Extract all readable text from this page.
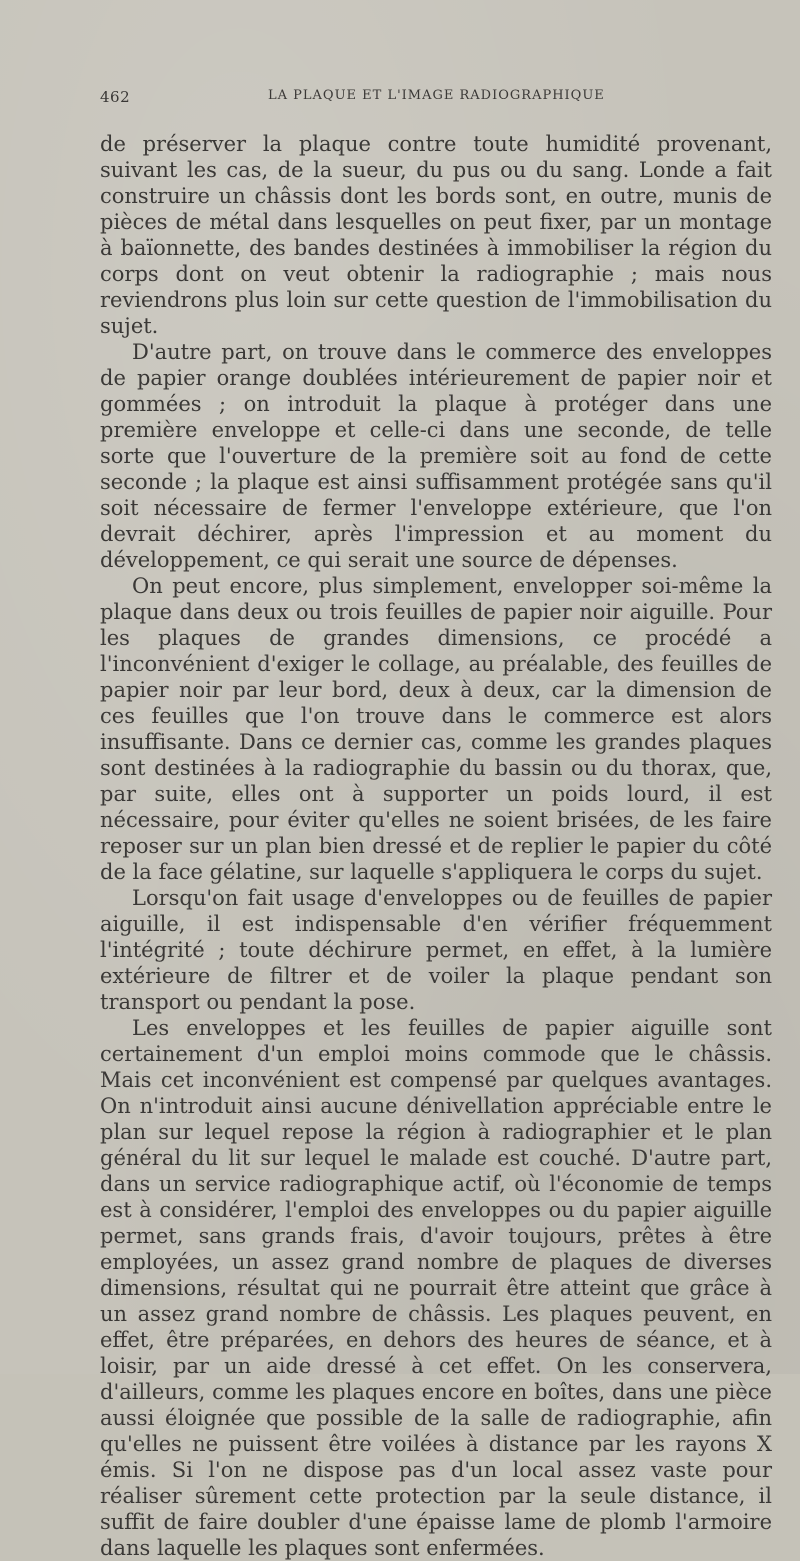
462	LA PLAQUE ET L'IMAGE RADIOGRAPHIQUE

de préserver la plaque contre toute humidité provenant, suivant les cas, de la sueur, du pus ou du sang. Londe a fait construire un châssis dont les bords sont, en outre, munis de pièces de métal dans lesquelles on peut fixer, par un montage à baïonnette, des bandes destinées à immobiliser la région du corps dont on veut obtenir la radiographie ; mais nous reviendrons plus loin sur cette question de l'immobilisation du sujet.

D'autre part, on trouve dans le commerce des enveloppes de papier orange doublées intérieurement de papier noir et gommées ; on introduit la plaque à protéger dans une première enveloppe et celle-ci dans une seconde, de telle sorte que l'ouverture de la première soit au fond de cette seconde ; la plaque est ainsi suffisamment protégée sans qu'il soit nécessaire de fermer l'enveloppe extérieure, que l'on devrait déchirer, après l'impression et au moment du développement, ce qui serait une source de dépenses.

On peut encore, plus simplement, envelopper soi-même la plaque dans deux ou trois feuilles de papier noir aiguille. Pour les plaques de grandes dimensions, ce procédé a l'inconvénient d'exiger le collage, au préalable, des feuilles de papier noir par leur bord, deux à deux, car la dimension de ces feuilles que l'on trouve dans le commerce est alors insuffisante. Dans ce dernier cas, comme les grandes plaques sont destinées à la radiographie du bassin ou du thorax, que, par suite, elles ont à supporter un poids lourd, il est nécessaire, pour éviter qu'elles ne soient brisées, de les faire reposer sur un plan bien dressé et de replier le papier du côté de la face gélatine, sur laquelle s'appliquera le corps du sujet.

Lorsqu'on fait usage d'enveloppes ou de feuilles de papier aiguille, il est indispensable d'en vérifier fréquemment l'intégrité ; toute déchirure permet, en effet, à la lumière extérieure de filtrer et de voiler la plaque pendant son transport ou pendant la pose.

Les enveloppes et les feuilles de papier aiguille sont certainement d'un emploi moins commode que le châssis. Mais cet inconvénient est compensé par quelques avantages. On n'introduit ainsi aucune dénivellation appréciable entre le plan sur lequel repose la région à radiographier et le plan général du lit sur lequel le malade est couché. D'autre part, dans un service radiographique actif, où l'économie de temps est à considérer, l'emploi des enveloppes ou du papier aiguille permet, sans grands frais, d'avoir toujours, prêtes à être employées, un assez grand nombre de plaques de diverses dimensions, résultat qui ne pourrait être atteint que grâce à un assez grand nombre de châssis. Les plaques peuvent, en effet, être préparées, en dehors des heures de séance, et à loisir, par un aide dressé à cet effet. On les conservera, d'ailleurs, comme les plaques encore en boîtes, dans une pièce aussi éloignée que possible de la salle de radiographie, afin qu'elles ne puissent être voilées à distance par les rayons X émis. Si l'on ne dispose pas d'un local assez vaste pour réaliser sûrement cette protection par la seule distance, il suffit de faire doubler d'une épaisse lame de plomb l'armoire dans laquelle les plaques sont enfermées.
